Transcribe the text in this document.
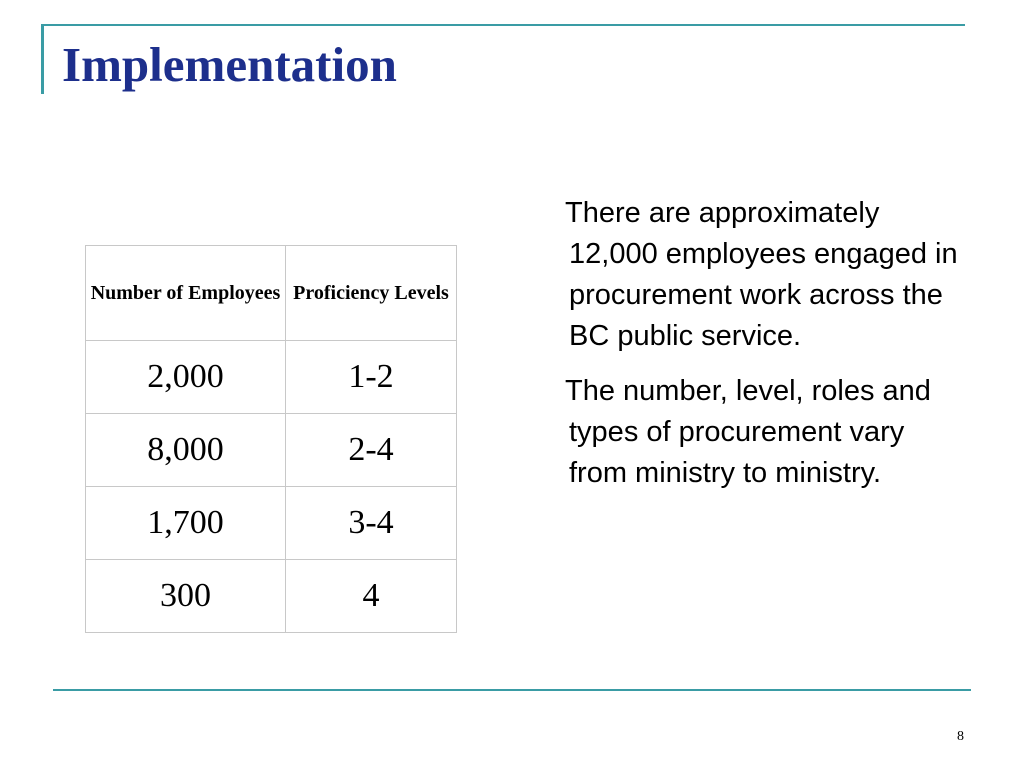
Implementation
Number of Employees	Proficiency Levels
2,000	1-2
8,000	2-4
1,700	3-4
300	4

There are approximately 12,000 employees engaged in procurement work across the BC public service.

The number, level, roles and types of procurement vary from ministry to ministry.

8
